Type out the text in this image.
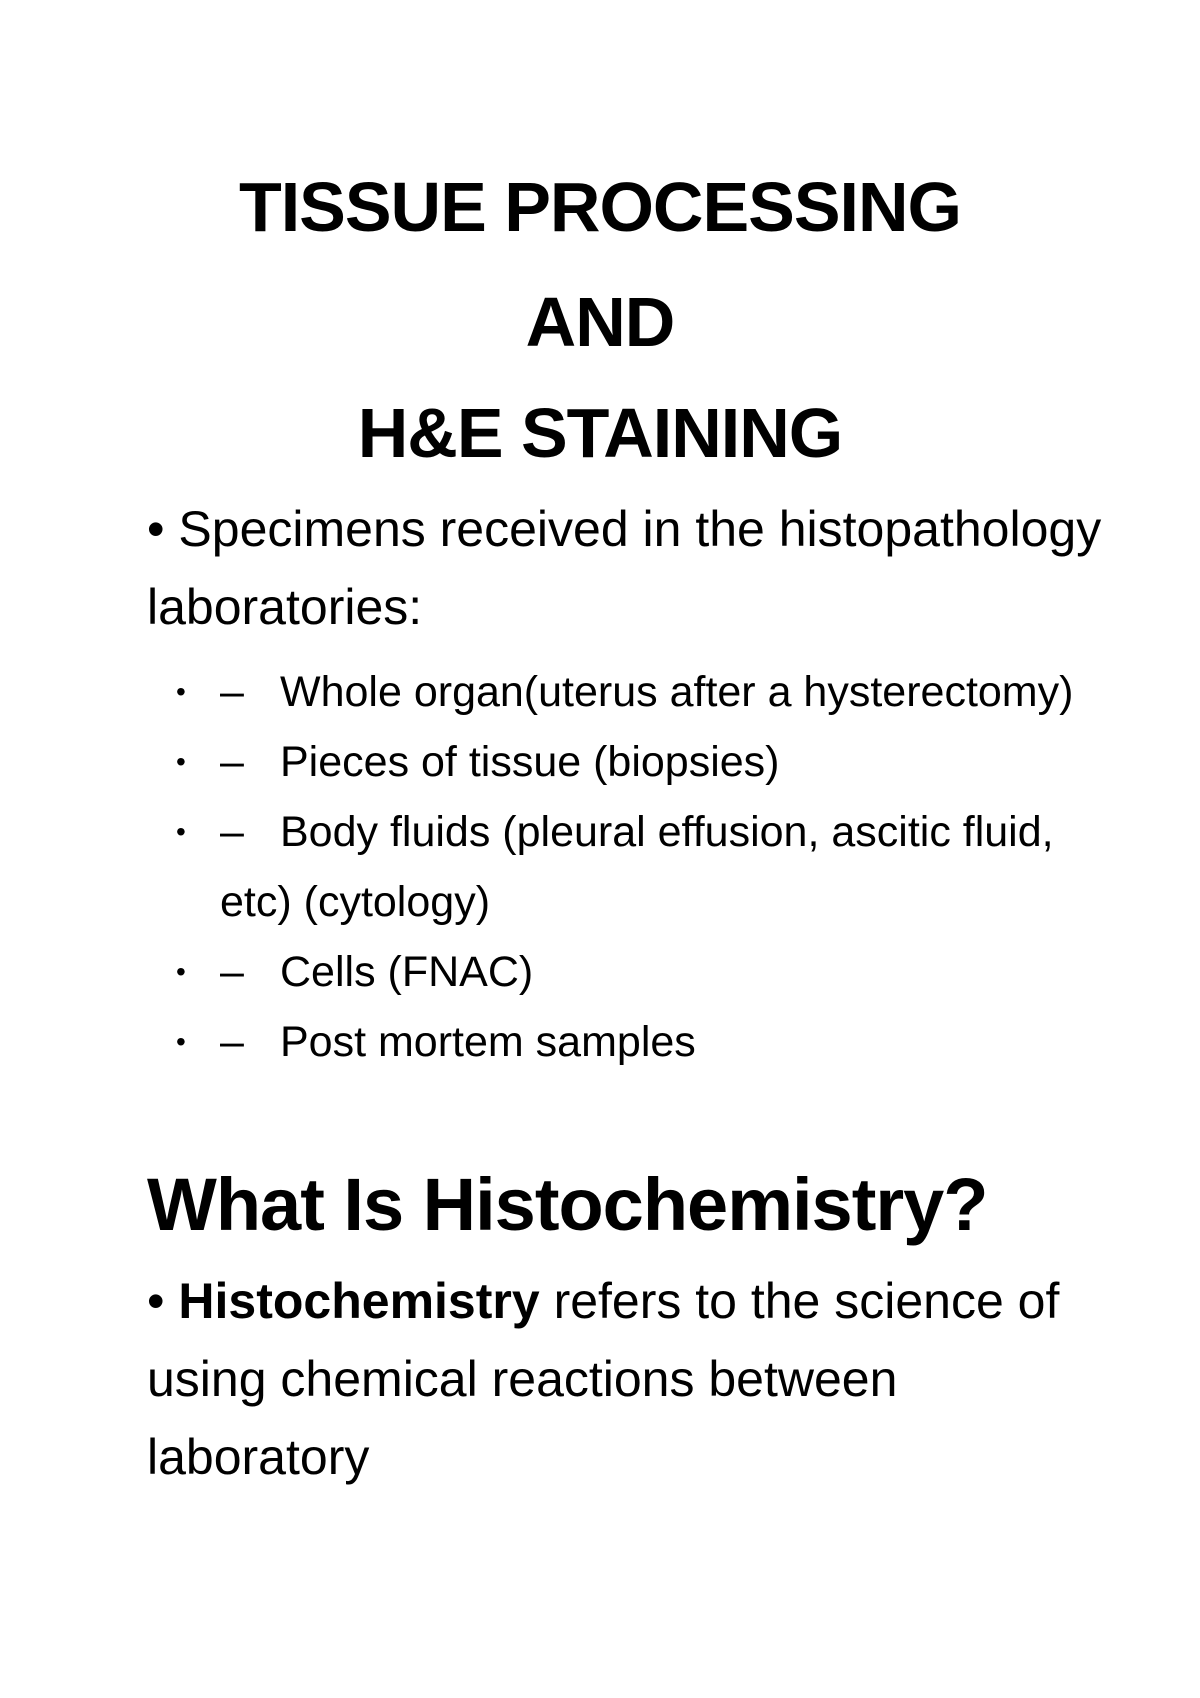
TISSUE PROCESSING
AND
H&E STAINING

• Specimens received in the histopathology laboratories:

• – Whole organ(uterus after a hysterectomy)
• – Pieces of tissue (biopsies)
• – Body fluids (pleural effusion, ascitic fluid, etc) (cytology)
• – Cells (FNAC)
• – Post mortem samples
What Is Histochemistry?

• Histochemistry refers to the science of using chemical reactions between laboratory
